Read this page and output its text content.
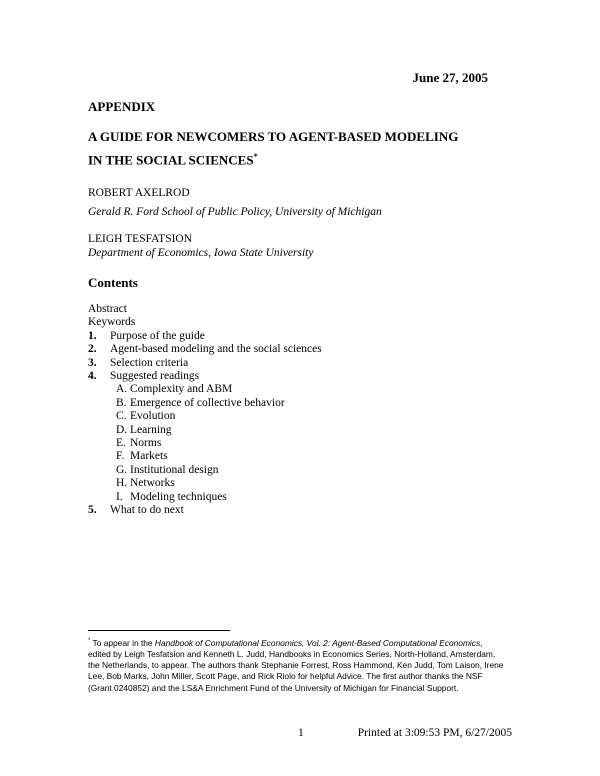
June 27, 2005
APPENDIX
A GUIDE FOR NEWCOMERS TO AGENT-BASED MODELING
IN THE SOCIAL SCIENCES*
ROBERT AXELROD
Gerald R. Ford School of Public Policy, University of Michigan
LEIGH TESFATSION
Department of Economics, Iowa State University
Contents
Abstract
Keywords
1. Purpose of the guide
2. Agent-based modeling and the social sciences
3. Selection criteria
4. Suggested readings
A. Complexity and ABM
B. Emergence of collective behavior
C. Evolution
D. Learning
E. Norms
F. Markets
G. Institutional design
H. Networks
I. Modeling techniques
5. What to do next
* To appear in the Handbook of Computational Economics, Vol. 2: Agent-Based Computational Economics, edited by Leigh Tesfatsion and Kenneth L. Judd, Handbooks in Economics Series, North-Holland, Amsterdam, the Netherlands, to appear. The authors thank Stephanie Forrest, Ross Hammond, Ken Judd, Tom Laison, Irene Lee, Bob Marks, John Miller, Scott Page, and Rick Riolo for helpful Advice. The first author thanks the NSF (Grant 0240852) and the LS&A Enrichment Fund of the University of Michigan for Financial Support.
1	Printed at 3:09:53 PM, 6/27/2005
